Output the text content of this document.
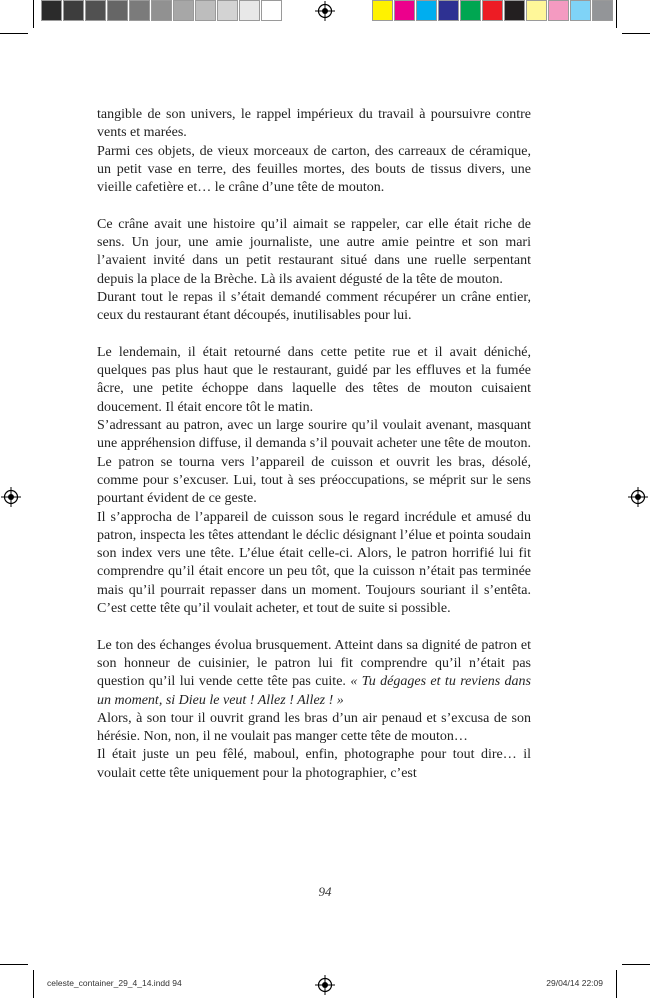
tangible de son univers, le rappel impérieux du travail à poursuivre contre vents et marées.

Parmi ces objets, de vieux morceaux de carton, des carreaux de céramique, un petit vase en terre, des feuilles mortes, des bouts de tissus divers, une vieille cafetière et… le crâne d’une tête de mouton.

Ce crâne avait une histoire qu’il aimait se rappeler, car elle était riche de sens. Un jour, une amie journaliste, une autre amie peintre et son mari l’avaient invité dans un petit restaurant situé dans une ruelle serpentant depuis la place de la Brèche. Là ils avaient dégusté de la tête de mouton.

Durant tout le repas il s’était demandé comment récupérer un crâne entier, ceux du restaurant étant découpés, inutilisables pour lui.

Le lendemain, il était retourné dans cette petite rue et il avait déniché, quelques pas plus haut que le restaurant, guidé par les effluves et la fumée âcre, une petite échoppe dans laquelle des têtes de mouton cuisaient doucement. Il était encore tôt le matin.

S’adressant au patron, avec un large sourire qu’il voulait avenant, masquant une appréhension diffuse, il demanda s’il pouvait acheter une tête de mouton. Le patron se tourna vers l’appareil de cuisson et ouvrit les bras, désolé, comme pour s’excuser. Lui, tout à ses préoccupations, se méprit sur le sens pourtant évident de ce geste.

Il s’approcha de l’appareil de cuisson sous le regard incrédule et amusé du patron, inspecta les têtes attendant le déclic désignant l’élue et pointa soudain son index vers une tête. L’élue était celle-ci. Alors, le patron horrifié lui fit comprendre qu’il était encore un peu tôt, que la cuisson n’était pas terminée mais qu’il pourrait repasser dans un moment. Toujours souriant il s’entêta. C’est cette tête qu’il voulait acheter, et tout de suite si possible.

Le ton des échanges évolua brusquement. Atteint dans sa dignité de patron et son honneur de cuisinier, le patron lui fit comprendre qu’il n’était pas question qu’il lui vende cette tête pas cuite. « Tu dégages et tu reviens dans un moment, si Dieu le veut ! Allez ! Allez ! »

Alors, à son tour il ouvrit grand les bras d’un air penaud et s’excusa de son hérésie. Non, non, il ne voulait pas manger cette tête de mouton…

Il était juste un peu fêlé, maboul, enfin, photographe pour tout dire… il voulait cette tête uniquement pour la photographier, c’est

94
celeste_container_29_4_14.indd 94	29/04/14 22:09
